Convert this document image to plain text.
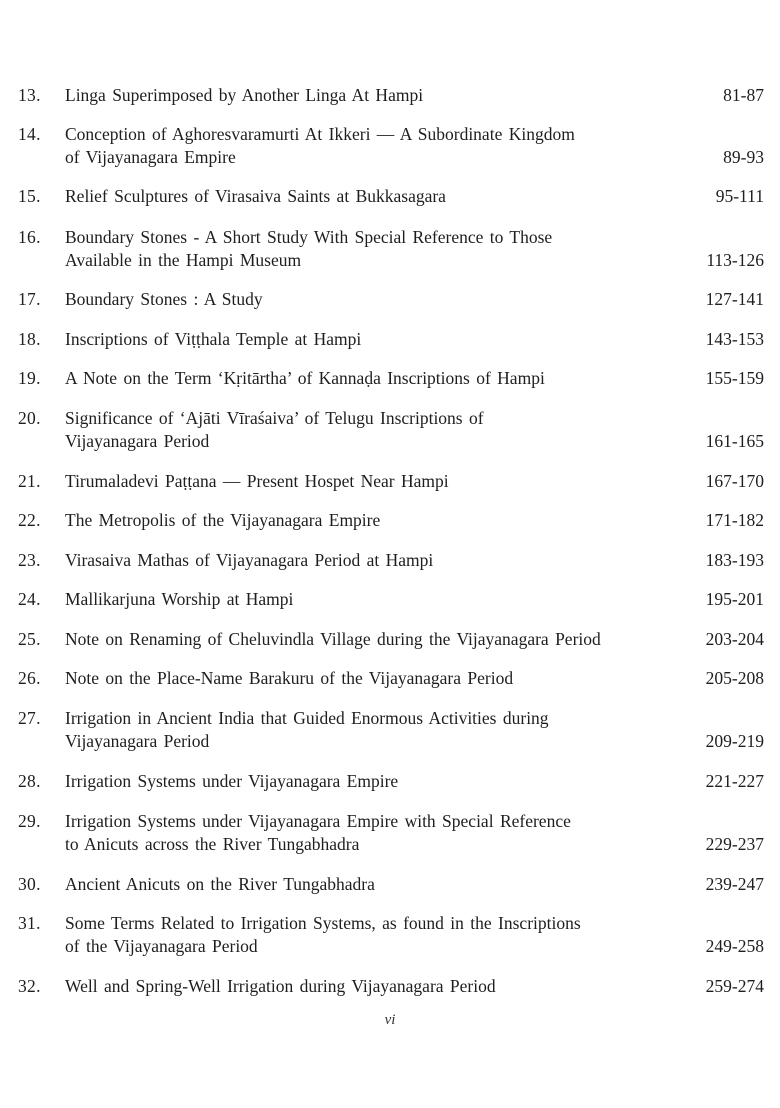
13.	Linga Superimposed by Another Linga At Hampi	81-87
14.	Conception of Aghoresvaramurti At Ikkeri — A Subordinate Kingdom
of Vijayanagara Empire	89-93
15.	Relief Sculptures of Virasaiva Saints at Bukkasagara	95-111
16.	Boundary Stones - A Short Study With Special Reference to Those
Available in the Hampi Museum	113-126
17.	Boundary Stones : A Study	127-141
18.	Inscriptions of Viṭṭhala Temple at Hampi	143-153
19.	A Note on the Term ‘Kṛitārtha’ of Kannaḍa Inscriptions of Hampi	155-159
20.	Significance of ‘Ajāti Vīraśaiva’ of Telugu Inscriptions of
Vijayanagara Period	161-165
21.	Tirumaladevi Paṭṭana — Present Hospet Near Hampi	167-170
22.	The Metropolis of the Vijayanagara Empire	171-182
23.	Virasaiva Mathas of Vijayanagara Period at Hampi	183-193
24.	Mallikarjuna Worship at Hampi	195-201
25.	Note on Renaming of Cheluvindla Village during the Vijayanagara Period	203-204
26.	Note on the Place-Name Barakuru of the Vijayanagara Period	205-208
27.	Irrigation in Ancient India that Guided Enormous Activities during
Vijayanagara Period	209-219
28.	Irrigation Systems under Vijayanagara Empire	221-227
29.	Irrigation Systems under Vijayanagara Empire with Special Reference
to Anicuts across the River Tungabhadra	229-237
30.	Ancient Anicuts on the River Tungabhadra	239-247
31.	Some Terms Related to Irrigation Systems, as found in the Inscriptions
of the Vijayanagara Period	249-258
32.	Well and Spring-Well Irrigation during Vijayanagara Period	259-274
vi
